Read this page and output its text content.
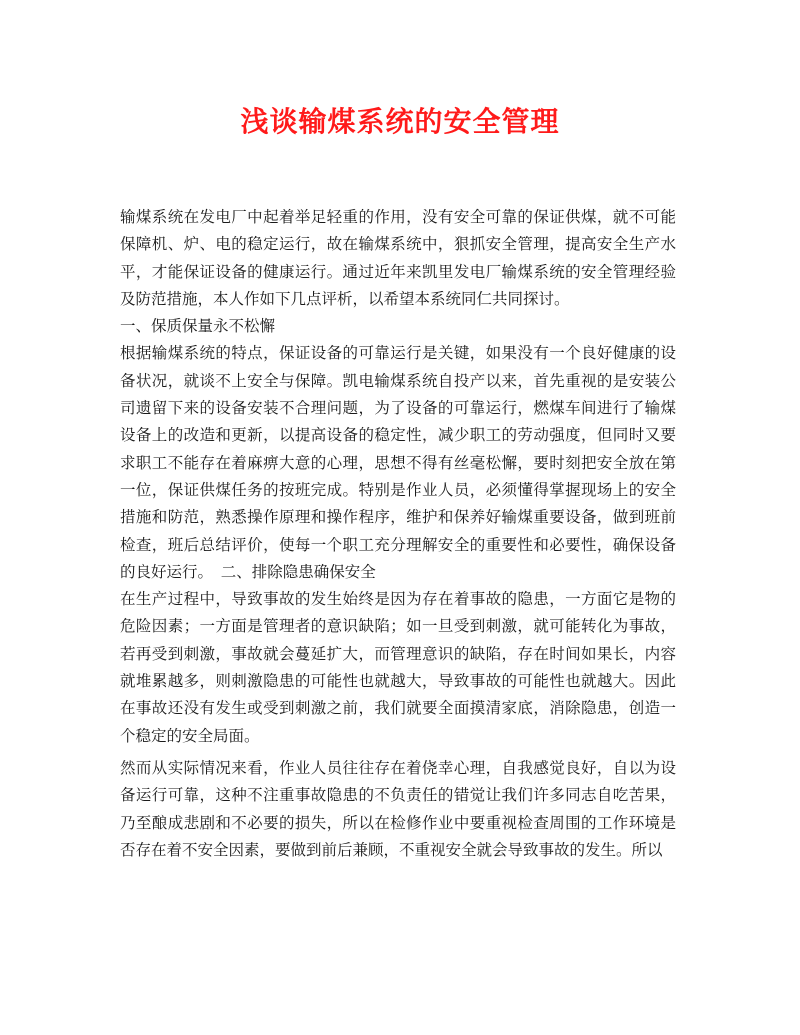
浅谈输煤系统的安全管理

输煤系统在发电厂中起着举足轻重的作用，没有安全可靠的保证供煤，就不可能保障机、炉、电的稳定运行，故在输煤系统中，狠抓安全管理，提高安全生产水平，才能保证设备的健康运行。通过近年来凯里发电厂输煤系统的安全管理经验及防范措施，本人作如下几点评析，以希望本系统同仁共同探讨。

一、保质保量永不松懈

根据输煤系统的特点，保证设备的可靠运行是关键，如果没有一个良好健康的设备状况，就谈不上安全与保障。凯电输煤系统自投产以来，首先重视的是安装公司遗留下来的设备安装不合理问题，为了设备的可靠运行，燃煤车间进行了输煤设备上的改造和更新，以提高设备的稳定性，减少职工的劳动强度，但同时又要求职工不能存在着麻痹大意的心理，思想不得有丝毫松懈，要时刻把安全放在第一位，保证供煤任务的按班完成。特别是作业人员，必须懂得掌握现场上的安全措施和防范，熟悉操作原理和操作程序，维护和保养好输煤重要设备，做到班前检查，班后总结评价，使每一个职工充分理解安全的重要性和必要性，确保设备的良好运行。　二、排除隐患确保安全

在生产过程中，导致事故的发生始终是因为存在着事故的隐患，一方面它是物的危险因素；一方面是管理者的意识缺陷；如一旦受到刺激，就可能转化为事故，若再受到刺激，事故就会蔓延扩大，而管理意识的缺陷，存在时间如果长，内容就堆累越多，则刺激隐患的可能性也就越大，导致事故的可能性也就越大。因此在事故还没有发生或受到刺激之前，我们就要全面摸清家底，消除隐患，创造一个稳定的安全局面。

然而从实际情况来看，作业人员往往存在着侥幸心理，自我感觉良好，自以为设备运行可靠，这种不注重事故隐患的不负责任的错觉让我们许多同志自吃苦果，乃至酿成悲剧和不必要的损失，所以在检修作业中要重视检查周围的工作环境是否存在着不安全因素，要做到前后兼顾，不重视安全就会导致事故的发生。所以
